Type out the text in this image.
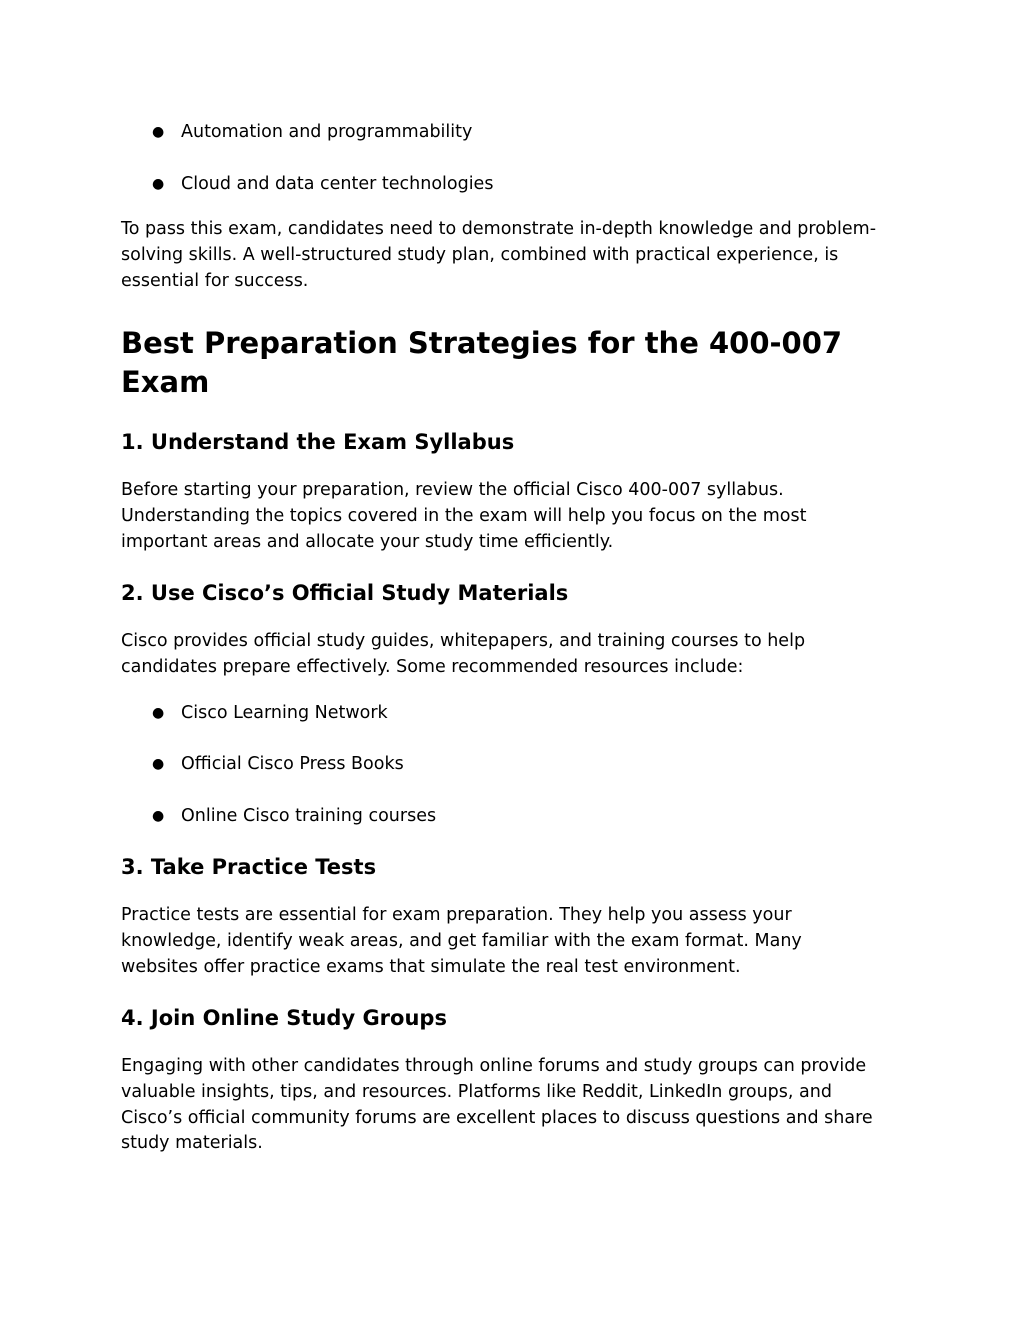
● Automation and programmability
● Cloud and data center technologies

To pass this exam, candidates need to demonstrate in-depth knowledge and problem-solving skills. A well-structured study plan, combined with practical experience, is essential for success.

Best Preparation Strategies for the 400-007 Exam
1. Understand the Exam Syllabus

Before starting your preparation, review the official Cisco 400-007 syllabus. Understanding the topics covered in the exam will help you focus on the most important areas and allocate your study time efficiently.

2. Use Cisco’s Official Study Materials

Cisco provides official study guides, whitepapers, and training courses to help candidates prepare effectively. Some recommended resources include:

● Cisco Learning Network
● Official Cisco Press Books
● Online Cisco training courses
3. Take Practice Tests

Practice tests are essential for exam preparation. They help you assess your knowledge, identify weak areas, and get familiar with the exam format. Many websites offer practice exams that simulate the real test environment.

4. Join Online Study Groups

Engaging with other candidates through online forums and study groups can provide valuable insights, tips, and resources. Platforms like Reddit, LinkedIn groups, and Cisco’s official community forums are excellent places to discuss questions and share study materials.
